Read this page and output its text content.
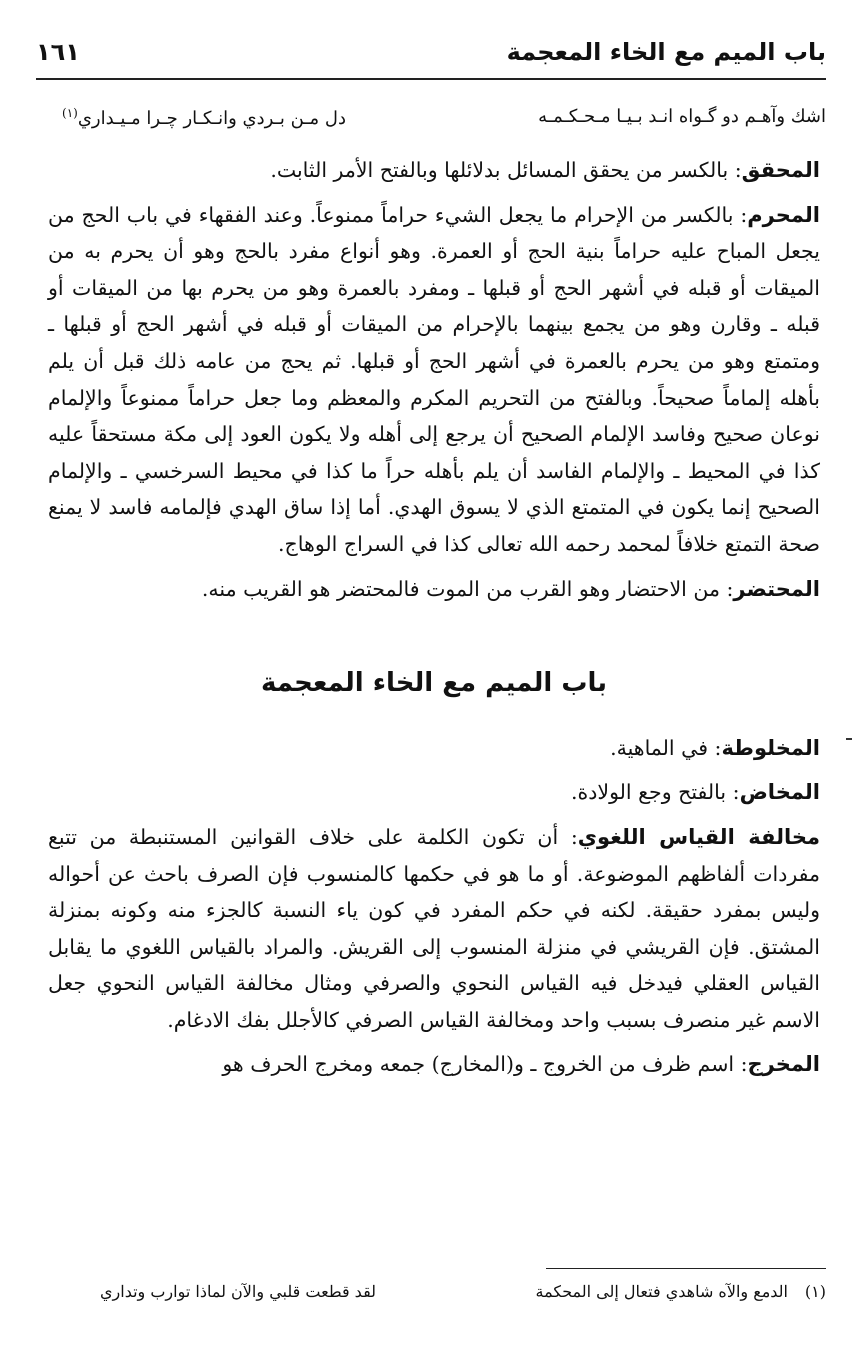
باب الميم مع الخاء المعجمة
١٦١
اشك وآهـم دو گـواه انـد بـيـا مـحـكـمـه
دل مـن بـردي وانـكـار چـرا مـيـداري$^{(١)}$

المحقق: بالكسر من يحقق المسائل بدلائلها وبالفتح الأمر الثابت.

المحرم: بالكسر من الإحرام ما يجعل الشيء حراماً ممنوعاً. وعند الفقهاء في باب الحج من يجعل المباح عليه حراماً بنية الحج أو العمرة. وهو أنواع مفرد بالحج وهو أن يحرم به من الميقات أو قبله في أشهر الحج أو قبلها ـ ومفرد بالعمرة وهو من يحرم بها من الميقات أو قبله ـ وقارن وهو من يجمع بينهما بالإحرام من الميقات أو قبله في أشهر الحج أو قبلها ـ ومتمتع وهو من يحرم بالعمرة في أشهر الحج أو قبلها. ثم يحج من عامه ذلك قبل أن يلم بأهله إلماماً صحيحاً. وبالفتح من التحريم المكرم والمعظم وما جعل حراماً ممنوعاً والإلمام نوعان صحيح وفاسد الإلمام الصحيح أن يرجع إلى أهله ولا يكون العود إلى مكة مستحقاً عليه كذا في المحيط ـ والإلمام الفاسد أن يلم بأهله حراً ما كذا في محيط السرخسي ـ والإلمام الصحيح إنما يكون في المتمتع الذي لا يسوق الهدي. أما إذا ساق الهدي فإلمامه فاسد لا يمنع صحة التمتع خلافاً لمحمد رحمه الله تعالى كذا في السراج الوهاج.

المحتضر: من الاحتضار وهو القرب من الموت فالمحتضر هو القريب منه.

باب الميم مع الخاء المعجمة

المخلوطة: في الماهية.

المخاض: بالفتح وجع الولادة.

مخالفة القياس اللغوي: أن تكون الكلمة على خلاف القوانين المستنبطة من تتبع مفردات ألفاظهم الموضوعة. أو ما هو في حكمها كالمنسوب فإن الصرف باحث عن أحواله وليس بمفرد حقيقة. لكنه في حكم المفرد في كون ياء النسبة كالجزء منه وكونه بمنزلة المشتق. فإن القريشي في منزلة المنسوب إلى القريش. والمراد بالقياس اللغوي ما يقابل القياس العقلي فيدخل فيه القياس النحوي والصرفي ومثال مخالفة القياس النحوي جعل الاسم غير منصرف بسبب واحد ومخالفة القياس الصرفي كالأجلل بفك الادغام.

المخرج: اسم ظرف من الخروج ـ و(المخارج) جمعه ومخرج الحرف هو

(١)
الدمع والآه شاهدي فتعال إلى المحكمة
لقد قطعت قلبي والآن لماذا توارب وتداري
